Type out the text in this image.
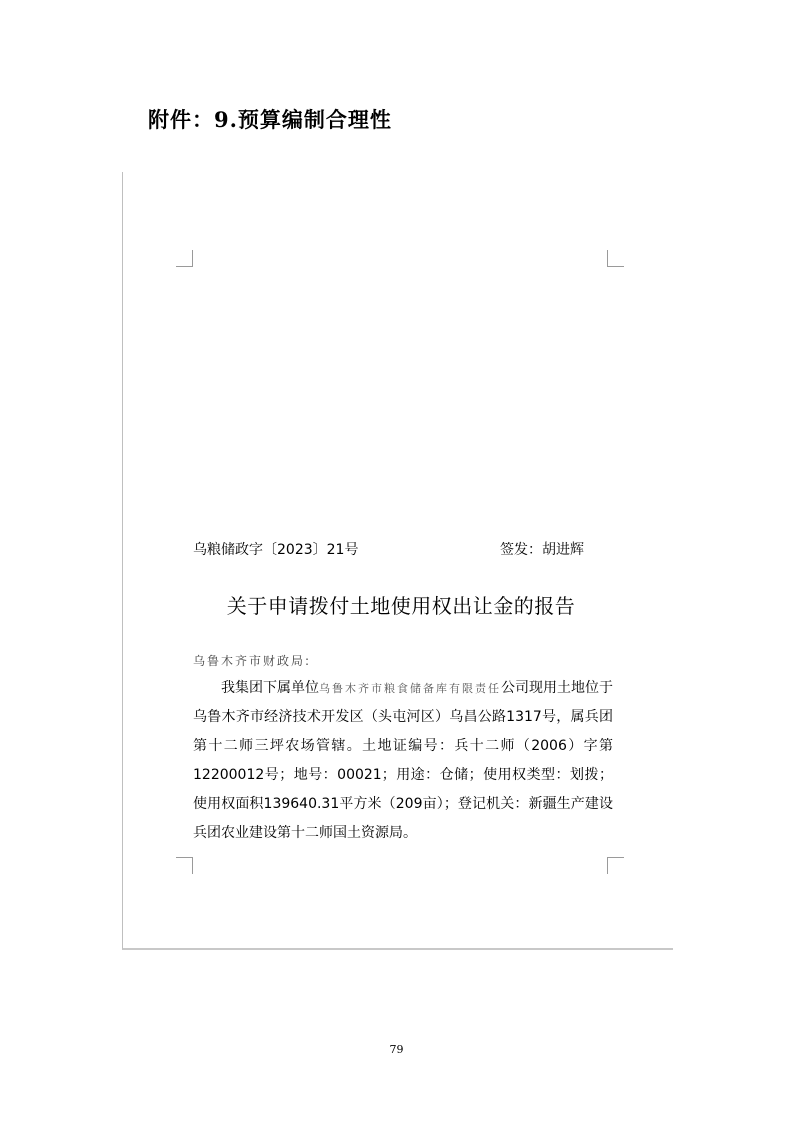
附件：9.预算编制合理性
乌粮储政字〔2023〕21号	签发：胡进辉
关于申请拨付土地使用权出让金的报告
乌鲁木齐市财政局:

我集团下属单位乌鲁木齐市粮食储备库有限责任公司现用土地位于乌鲁木齐市经济技术开发区（头屯河区）乌昌公路1317号，属兵团第十二师三坪农场管辖。土地证编号：兵十二师（2006）字第12200012号；地号：00021；用途：仓储；使用权类型：划拨；使用权面积139640.31平方米（209亩）；登记机关：新疆生产建设兵团农业建设第十二师国土资源局。

79
